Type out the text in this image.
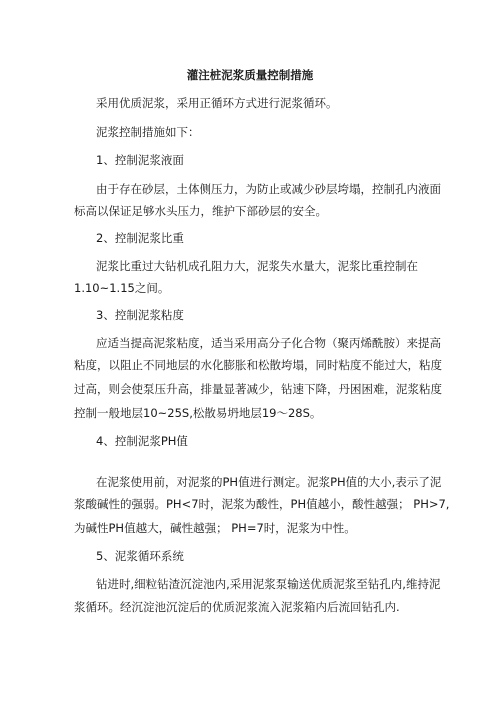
灌注桩泥浆质量控制措施
采用优质泥浆，采用正循环方式进行泥浆循环。
泥浆控制措施如下：
1、控制泥浆液面
由于存在砂层，土体侧压力，为防止或减少砂层垮塌，控制孔内液面
标高以保证足够水头压力，维护下部砂层的安全。
2、控制泥浆比重
泥浆比重过大钻机成孔阻力大，泥浆失水量大，泥浆比重控制在
1.10~1.15之间。
3、控制泥浆粘度
应适当提高泥浆粘度，适当采用高分子化合物（聚丙烯酰胺）来提高
粘度，以阻止不同地层的水化膨胀和松散垮塌，同时粘度不能过大，粘度
过高，则会使泵压升高，排量显著减少，钻速下降，丹困困难，泥浆粘度
控制一般地层10~25S,松散易坍地层19～28S。
4、控制泥浆PH值
在泥浆使用前，对泥浆的PH值进行测定。泥浆PH值的大小,表示了泥
浆酸碱性的强弱。PH<7时，泥浆为酸性，PH值越小，酸性越强； PH>7,
为碱性PH值越大，碱性越强； PH=7时，泥浆为中性。
5、泥浆循环系统
钻进时,细粒钻渣沉淀池内,采用泥浆泵输送优质泥浆至钻孔内,维持泥
浆循环。经沉淀池沉淀后的优质泥浆流入泥浆箱内后流回钻孔内.
